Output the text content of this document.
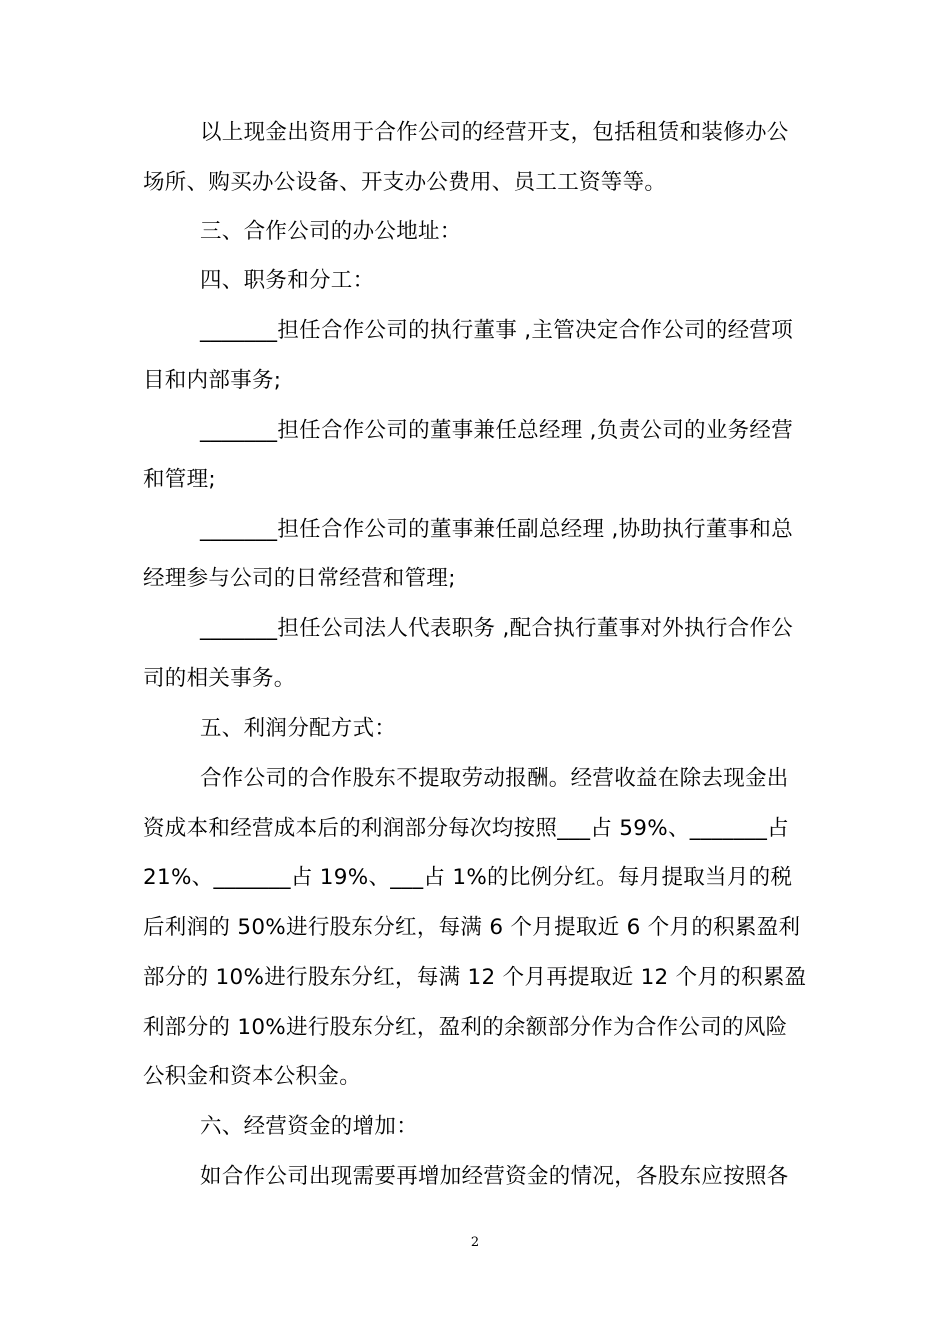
以上现金出资用于合作公司的经营开支，包括租赁和装修办公
场所、购买办公设备、开支办公费用、员工工资等等。
三、合作公司的办公地址：
四、职务和分工：
_______担任合作公司的执行董事 ,主管决定合作公司的经营项
目和内部事务;
_______担任合作公司的董事兼任总经理 ,负责公司的业务经营
和管理;
_______担任合作公司的董事兼任副总经理 ,协助执行董事和总
经理参与公司的日常经营和管理;
_______担任公司法人代表职务 ,配合执行董事对外执行合作公
司的相关事务。
五、利润分配方式：
合作公司的合作股东不提取劳动报酬。经营收益在除去现金出
资成本和经营成本后的利润部分每次均按照___占 59%、_______占
21%、_______占 19%、___占 1%的比例分红。每月提取当月的税
后利润的 50%进行股东分红，每满 6 个月提取近 6 个月的积累盈利
部分的 10%进行股东分红，每满 12 个月再提取近 12 个月的积累盈
利部分的 10%进行股东分红，盈利的余额部分作为合作公司的风险
公积金和资本公积金。
六、经营资金的增加：
如合作公司出现需要再增加经营资金的情况，各股东应按照各
2
